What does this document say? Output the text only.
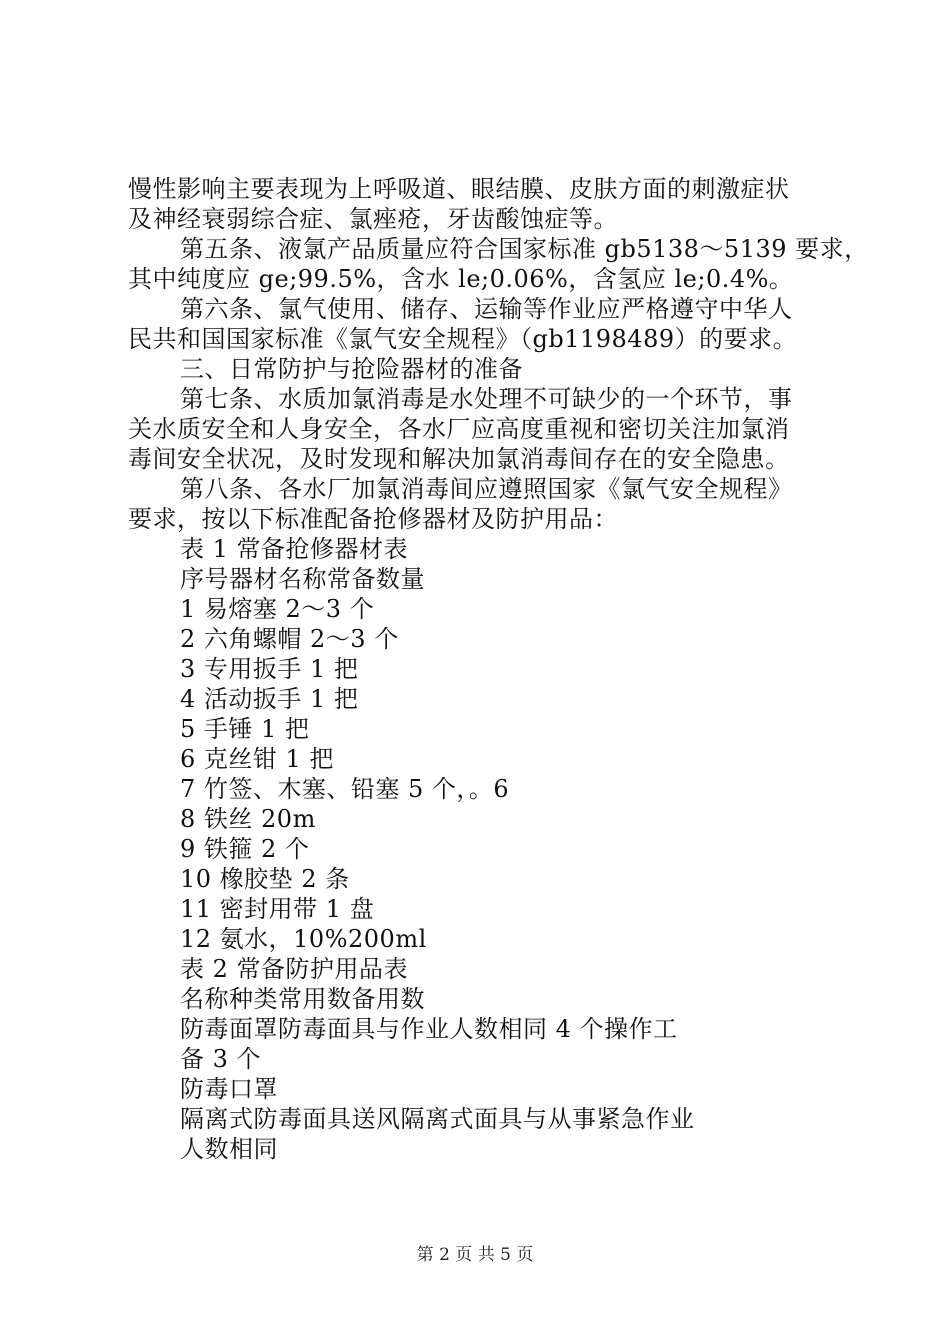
慢性影响主要表现为上呼吸道、眼结膜、皮肤方面的刺激症状
及神经衰弱综合症、氯痤疮，牙齿酸蚀症等。
第五条、液氯产品质量应符合国家标准 gb5138～5139 要求，
其中纯度应 ge;99.5%，含水 le;0.06%，含氢应 le;0.4%。
第六条、氯气使用、储存、运输等作业应严格遵守中华人
民共和国国家标准《氯气安全规程》（gb1198489）的要求。
三、日常防护与抢险器材的准备
第七条、水质加氯消毒是水处理不可缺少的一个环节，事
关水质安全和人身安全，各水厂应高度重视和密切关注加氯消
毒间安全状况，及时发现和解决加氯消毒间存在的安全隐患。
第八条、各水厂加氯消毒间应遵照国家《氯气安全规程》
要求，按以下标准配备抢修器材及防护用品：
表 1 常备抢修器材表
序号器材名称常备数量
1 易熔塞 2～3 个
2 六角螺帽 2～3 个
3 专用扳手 1 把
4 活动扳手 1 把
5 手锤 1 把
6 克丝钳 1 把
7 竹签、木塞、铅塞 5 个，。6
8 铁丝 20m
9 铁箍 2 个
10 橡胶垫 2 条
11 密封用带 1 盘
12 氨水，10%200ml
表 2 常备防护用品表
名称种类常用数备用数
防毒面罩防毒面具与作业人数相同 4 个操作工
备 3 个
防毒口罩
隔离式防毒面具送风隔离式面具与从事紧急作业
人数相同
第 2 页 共 5 页
